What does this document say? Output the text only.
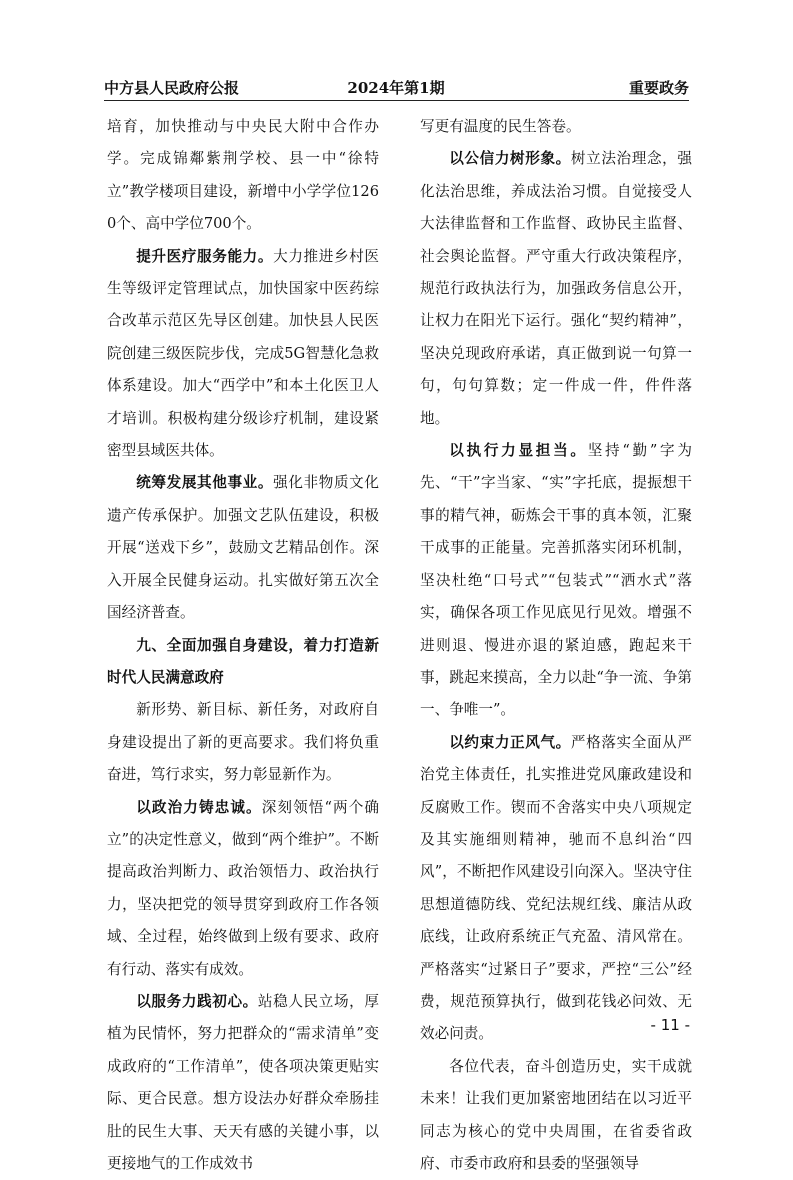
中方县人民政府公报	2024年第1期	重要政务

培育，加快推动与中央民大附中合作办学。完成锦鄰紫荆学校、县一中“徐特立”教学楼项目建设，新增中小学学位1260个、高中学位700个。

提升医疗服务能力。大力推进乡村医生等级评定管理试点，加快国家中医药综合改革示范区先导区创建。加快县人民医院创建三级医院步伐，完成5G智慧化急救体系建设。加大“西学中”和本土化医卫人才培训。积极构建分级诊疗机制，建设紧密型县域医共体。

统筹发展其他事业。强化非物质文化遗产传承保护。加强文艺队伍建设，积极开展“送戏下乡”，鼓励文艺精品创作。深入开展全民健身运动。扎实做好第五次全国经济普查。

九、全面加强自身建设，着力打造新时代人民满意政府

新形势、新目标、新任务，对政府自身建设提出了新的更高要求。我们将负重奋进，笃行求实，努力彰显新作为。

以政治力铸忠诚。深刻领悟“两个确立”的决定性意义，做到“两个维护”。不断提高政治判断力、政治领悟力、政治执行力，坚决把党的领导贯穿到政府工作各领域、全过程，始终做到上级有要求、政府有行动、落实有成效。

以服务力践初心。站稳人民立场，厚植为民情怀，努力把群众的“需求清单”变成政府的“工作清单”，使各项决策更贴实际、更合民意。想方设法办好群众牵肠挂肚的民生大事、天天有感的关键小事，以更接地气的工作成效书

写更有温度的民生答卷。

以公信力树形象。树立法治理念，强化法治思维，养成法治习惯。自觉接受人大法律监督和工作监督、政协民主监督、社会舆论监督。严守重大行政决策程序，规范行政执法行为，加强政务信息公开，让权力在阳光下运行。强化“契约精神”，坚决兑现政府承诺，真正做到说一句算一句，句句算数；定一件成一件，件件落地。

以执行力显担当。坚持“勤”字为先、“干”字当家、“实”字托底，提振想干事的精气神，砺炼会干事的真本领，汇聚干成事的正能量。完善抓落实闭环机制，坚决杜绝“口号式”“包装式”“洒水式”落实，确保各项工作见底见行见效。增强不进则退、慢进亦退的紧迫感，跑起来干事，跳起来摸高，全力以赴“争一流、争第一、争唯一”。

以约束力正风气。严格落实全面从严治党主体责任，扎实推进党风廉政建设和反腐败工作。锲而不舍落实中央八项规定及其实施细则精神，驰而不息纠治“四风”，不断把作风建设引向深入。坚决守住思想道德防线、党纪法规红线、廉洁从政底线，让政府系统正气充盈、清风常在。严格落实“过紧日子”要求，严控“三公”经费，规范预算执行，做到花钱必问效、无效必问责。

各位代表，奋斗创造历史，实干成就未来！让我们更加紧密地团结在以习近平同志为核心的党中央周围，在省委省政府、市委市政府和县委的坚强领导

- 11 -
